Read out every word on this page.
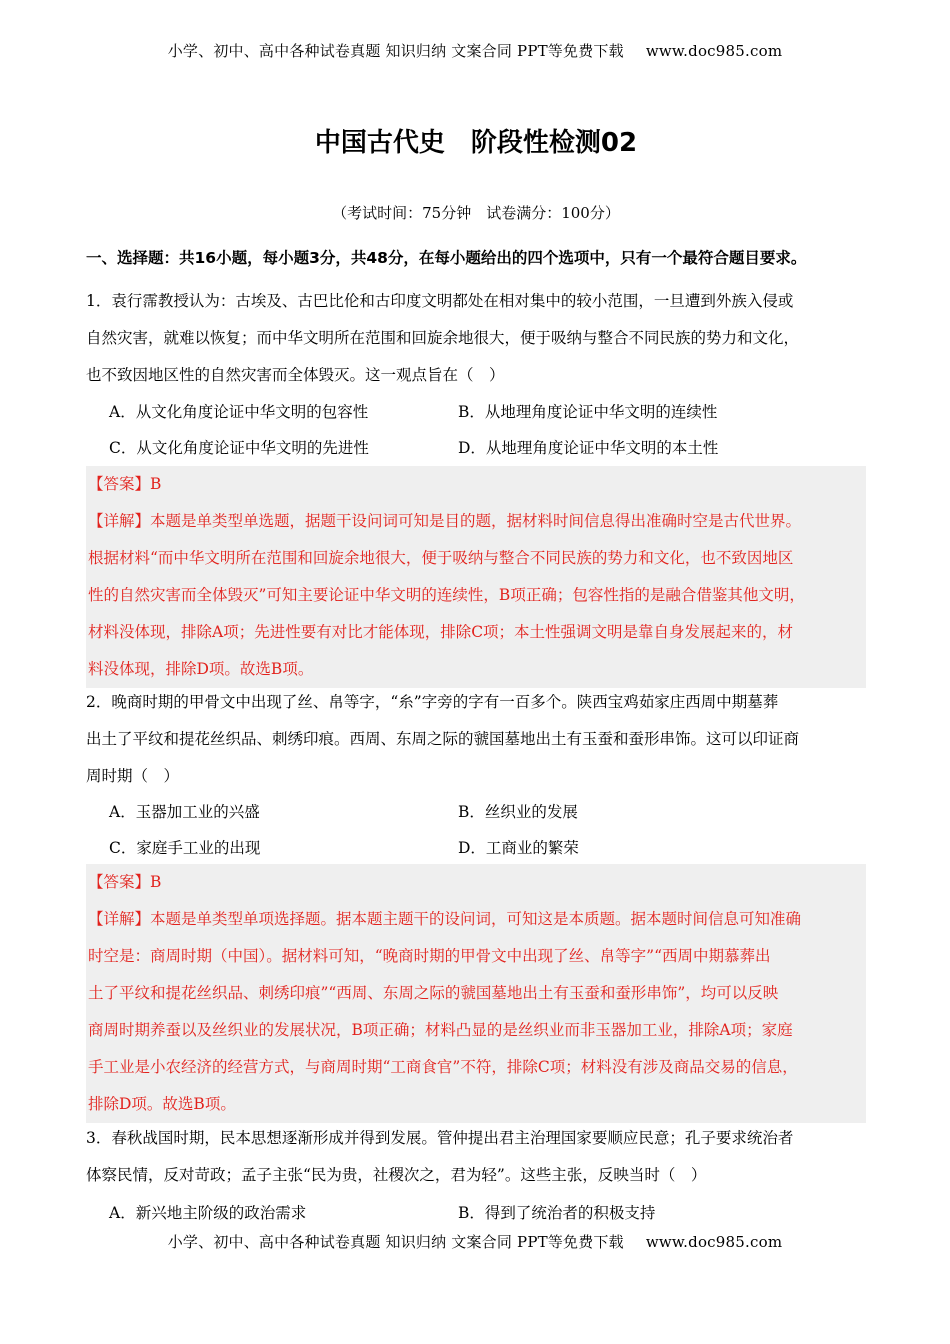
小学、初中、高中各种试卷真题 知识归纳 文案合同 PPT等免费下载 www.doc985.com
中国古代史　阶段性检测02
（考试时间：75分钟　试卷满分：100分）
一、选择题：共16小题，每小题3分，共48分，在每小题给出的四个选项中，只有一个最符合题目要求。
1．袁行霈教授认为：古埃及、古巴比伦和古印度文明都处在相对集中的较小范围，一旦遭到外族入侵或
自然灾害，就难以恢复；而中华文明所在范围和回旋余地很大，便于吸纳与整合不同民族的势力和文化，
也不致因地区性的自然灾害而全体毁灭。这一观点旨在（　）
A．从文化角度论证中华文明的包容性	B．从地理角度论证中华文明的连续性
C．从文化角度论证中华文明的先进性	D．从地理角度论证中华文明的本土性
【答案】B
【详解】本题是单类型单选题，据题干设问词可知是目的题，据材料时间信息得出准确时空是古代世界。
根据材料“而中华文明所在范围和回旋余地很大，便于吸纳与整合不同民族的势力和文化，也不致因地区
性的自然灾害而全体毁灭”可知主要论证中华文明的连续性，B项正确；包容性指的是融合借鉴其他文明，
材料没体现，排除A项；先进性要有对比才能体现，排除C项；本土性强调文明是靠自身发展起来的，材
料没体现，排除D项。故选B项。
2．晚商时期的甲骨文中出现了丝、帛等字，“糸”字旁的字有一百多个。陕西宝鸡茹家庄西周中期墓葬
出土了平纹和提花丝织品、刺绣印痕。西周、东周之际的虢国墓地出土有玉蚕和蚕形串饰。这可以印证商
周时期（　）
A．玉器加工业的兴盛	B．丝织业的发展
C．家庭手工业的出现	D．工商业的繁荣
【答案】B
【详解】本题是单类型单项选择题。据本题主题干的设问词，可知这是本质题。据本题时间信息可知准确
时空是：商周时期（中国）。据材料可知，“晚商时期的甲骨文中出现了丝、帛等字”“西周中期慕葬出
土了平纹和提花丝织品、刺绣印痕”“西周、东周之际的虢国墓地出土有玉蚕和蚕形串饰”，均可以反映
商周时期养蚕以及丝织业的发展状况，B项正确；材料凸显的是丝织业而非玉器加工业，排除A项；家庭
手工业是小农经济的经营方式，与商周时期“工商食官”不符，排除C项；材料没有涉及商品交易的信息，
排除D项。故选B项。
3．春秋战国时期，民本思想逐渐形成并得到发展。管仲提出君主治理国家要顺应民意；孔子要求统治者
体察民情，反对苛政；孟子主张“民为贵，社稷次之，君为轻”。这些主张，反映当时（　）
A．新兴地主阶级的政治需求	B．得到了统治者的积极支持
小学、初中、高中各种试卷真题 知识归纳 文案合同 PPT等免费下载 www.doc985.com
